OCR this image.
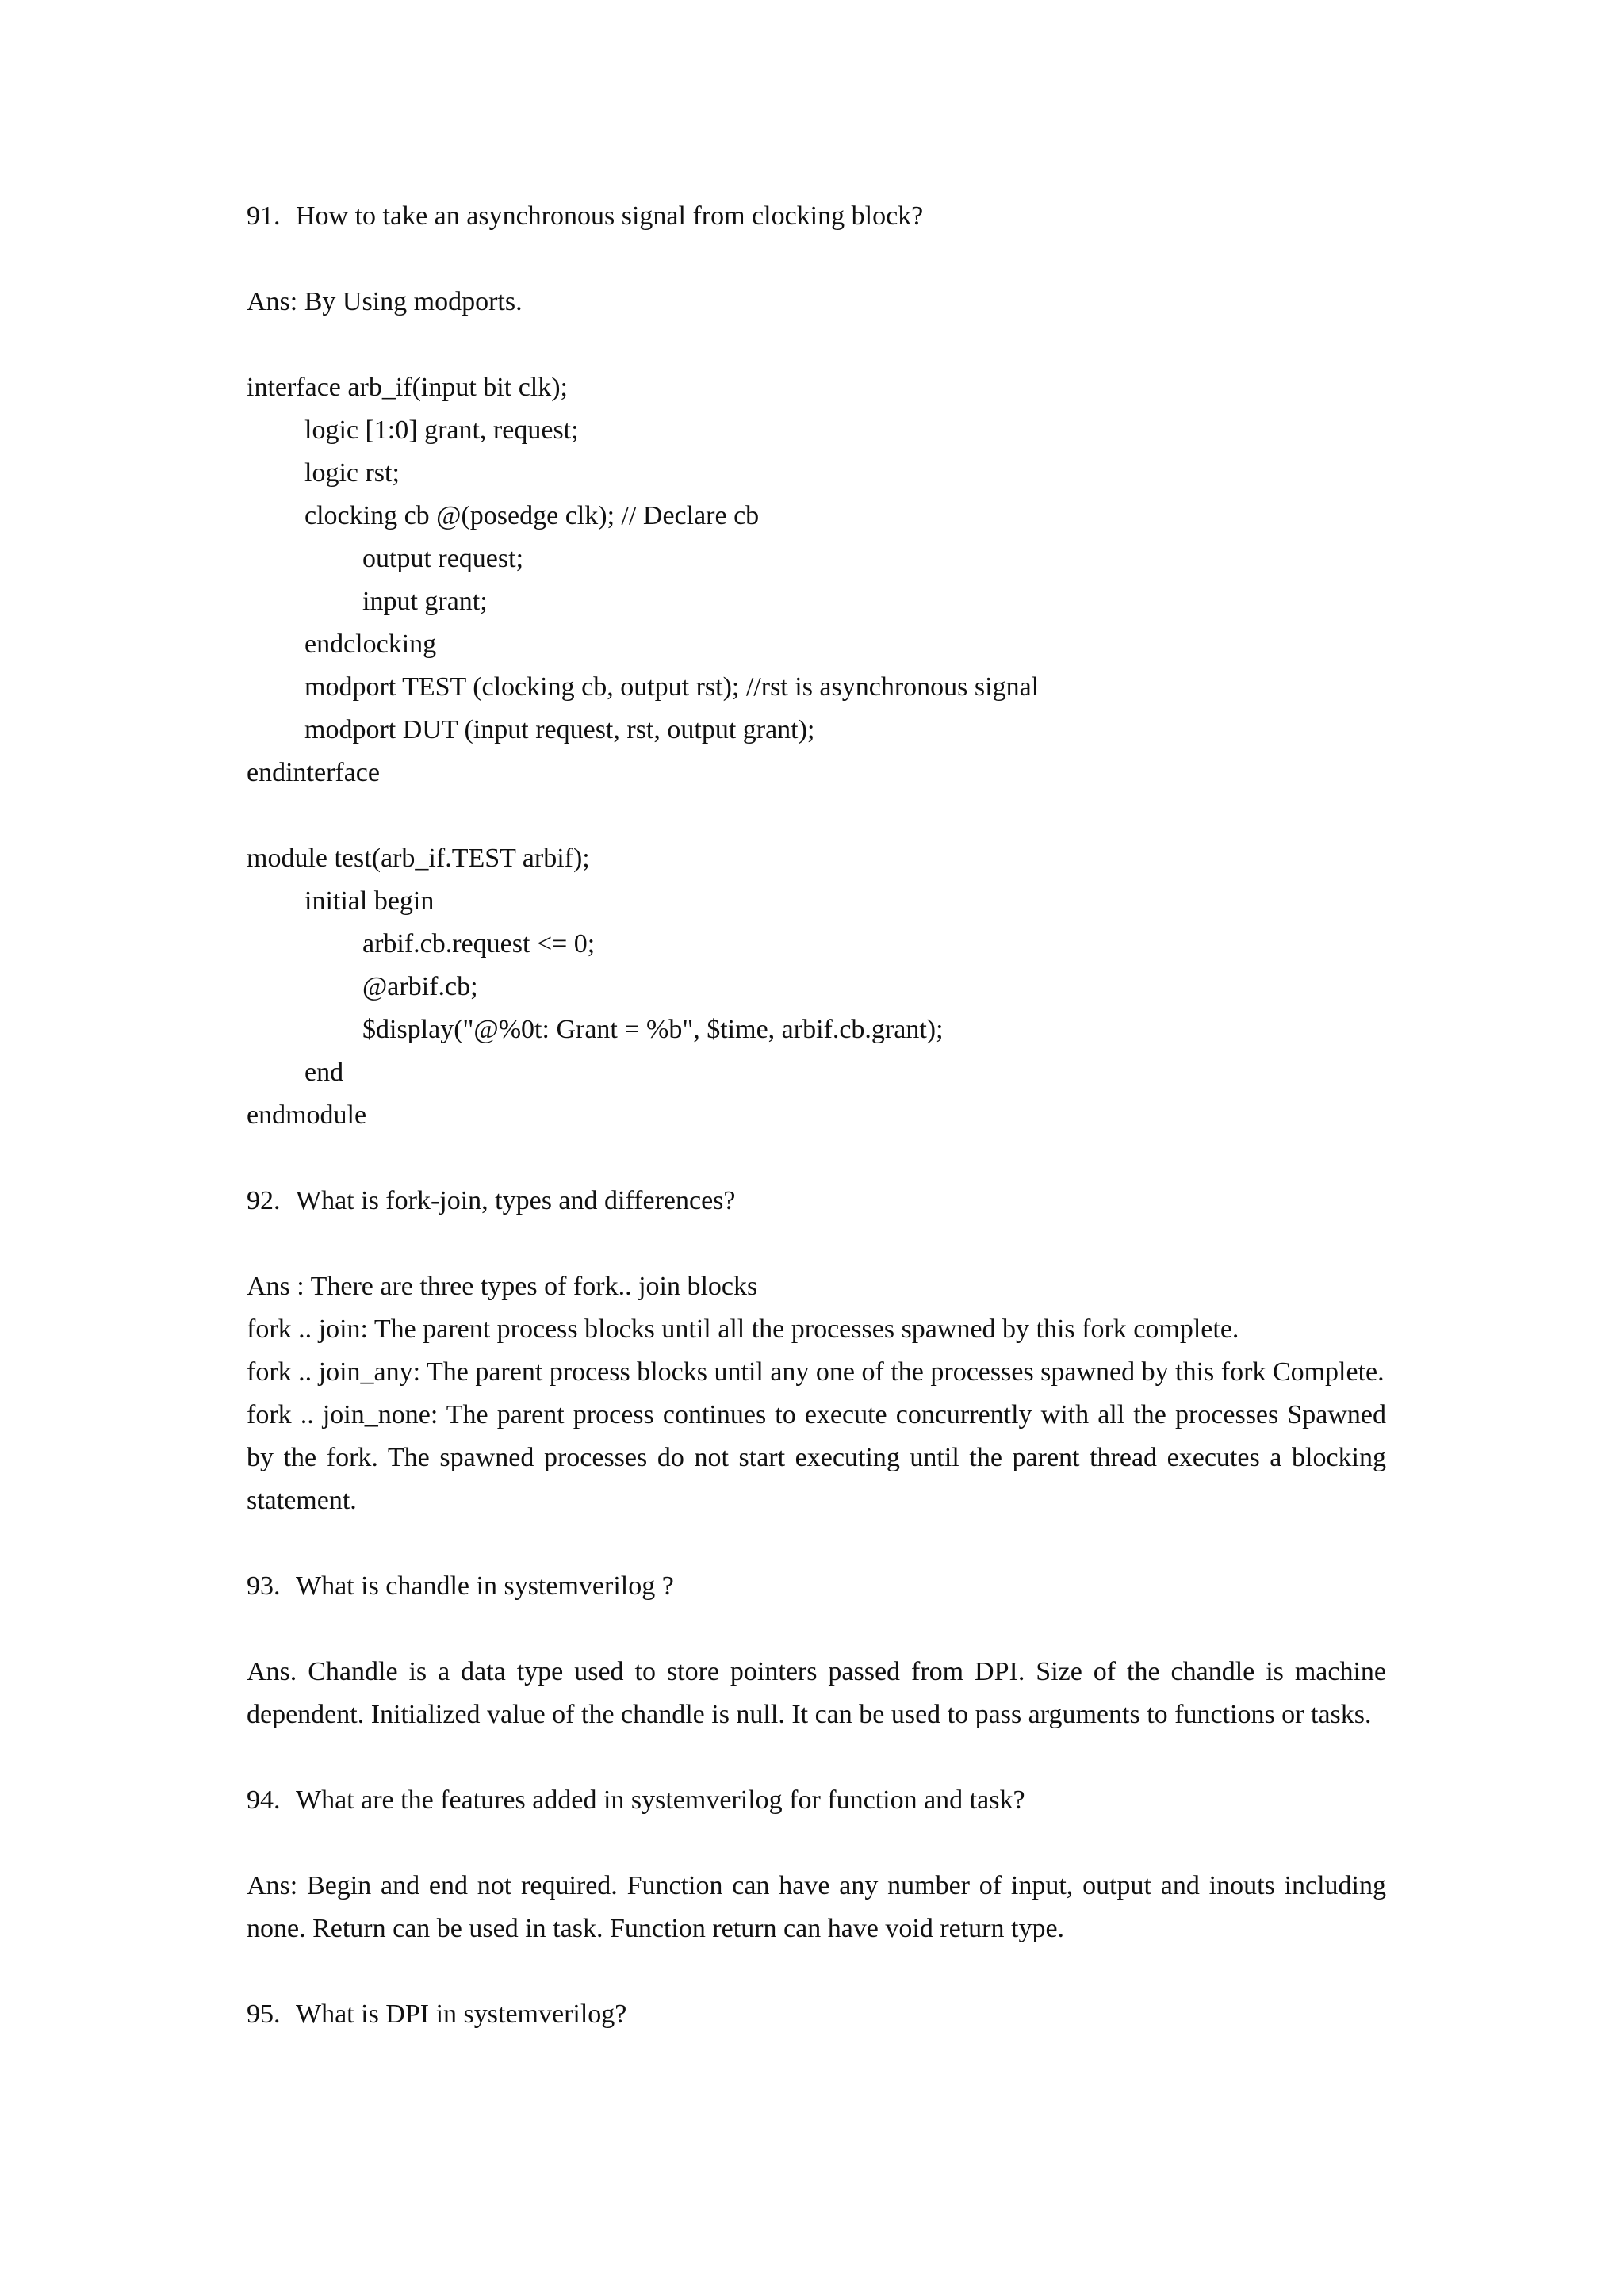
91. How to take an asynchronous signal from clocking block?
Ans: By Using modports.
interface arb_if(input bit clk);
logic [1:0] grant, request;
logic rst;
clocking cb @(posedge clk); // Declare cb
output request;
input grant;
endclocking
modport TEST (clocking cb, output rst); //rst is asynchronous signal
modport DUT (input request, rst, output grant);
endinterface
module test(arb_if.TEST arbif);
initial begin
arbif.cb.request <= 0;
@arbif.cb;
$display("@%0t: Grant = %b", $time, arbif.cb.grant);
end
endmodule
92. What is fork-join, types and differences?
Ans : There are three types of fork.. join blocks
fork .. join: The parent process blocks until all the processes spawned by this fork complete.
fork .. join_any: The parent process blocks until any one of the processes spawned by this fork Complete.
fork .. join_none: The parent process continues to execute concurrently with all the processes Spawned by the fork. The spawned processes do not start executing until the parent thread executes a blocking statement.
93. What is chandle in systemverilog ?
Ans. Chandle is a data type used to store pointers passed from DPI. Size of the chandle is machine dependent. Initialized value of the chandle is null. It can be used to pass arguments to functions or tasks.
94. What are the features added in systemverilog for function and task?
Ans: Begin and end not required. Function can have any number of input, output and inouts including none. Return can be used in task. Function return can have void return type.
95. What is DPI in systemverilog?
